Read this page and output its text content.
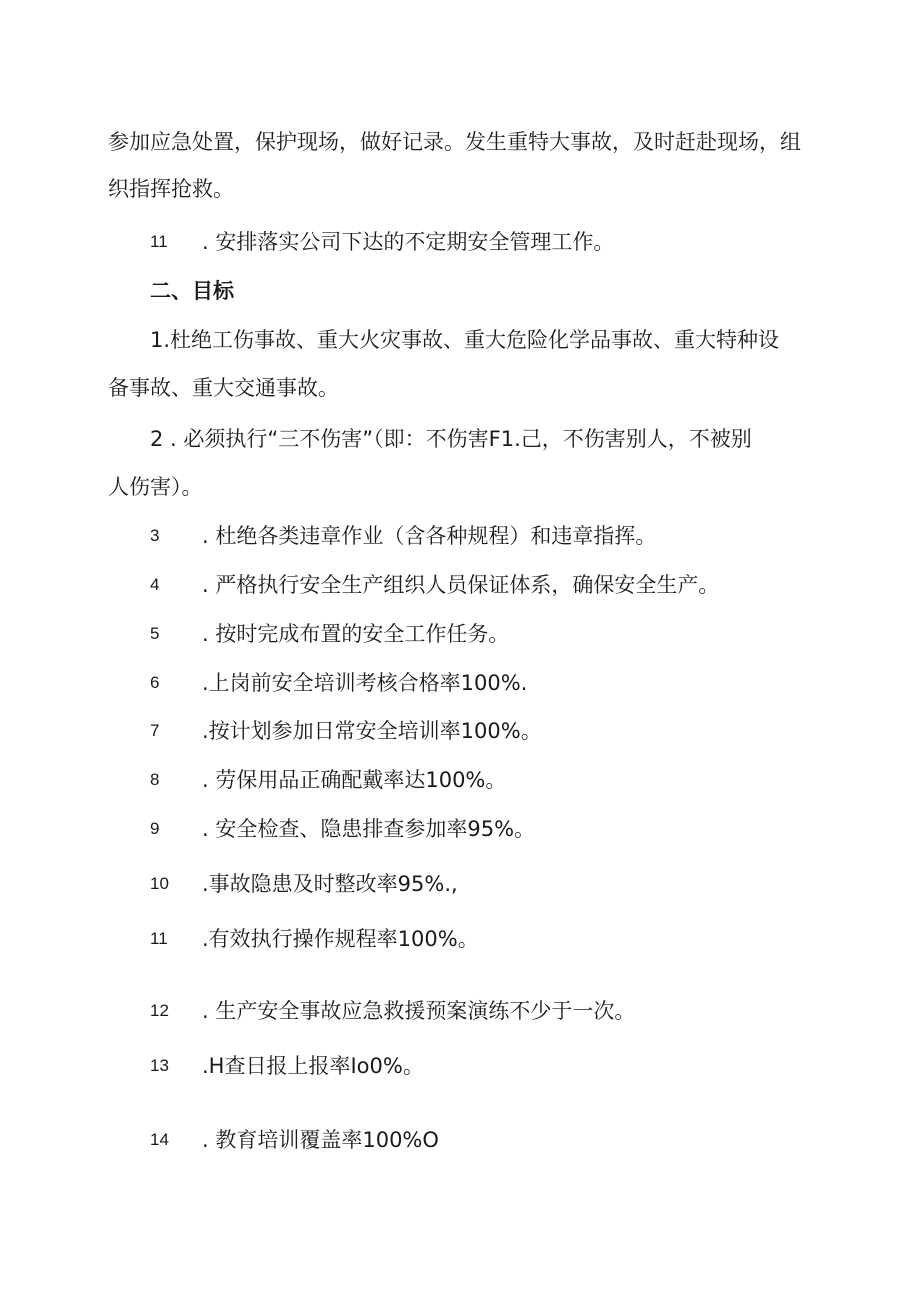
参加应急处置，保护现场，做好记录。发生重特大事故，及时赶赴现场，组
织指挥抢救。
11 . 安排落实公司下达的不定期安全管理工作。
二、目标
1.杜绝工伤事故、重大火灾事故、重大危险化学品事故、重大特种设
备事故、重大交通事故。
2 . 必须执行“三不伤害”（即：不伤害F1.己，不伤害别人，不被别
人伤害）。
3 . 杜绝各类违章作业（含各种规程）和违章指挥。
4 . 严格执行安全生产组织人员保证体系，确保安全生产。
5 . 按时完成布置的安全工作任务。
6 .上岗前安全培训考核合格率100%.
7 .按计划参加日常安全培训率100%。
8 . 劳保用品正确配戴率达100%。
9 . 安全检查、隐患排查参加率95%。
10 .事故隐患及时整改率95%.,
11 .有效执行操作规程率100%。
12 . 生产安全事故应急救援预案演练不少于一次。
13 .H查日报上报率Io0%。
14 . 教育培训覆盖率100%O
